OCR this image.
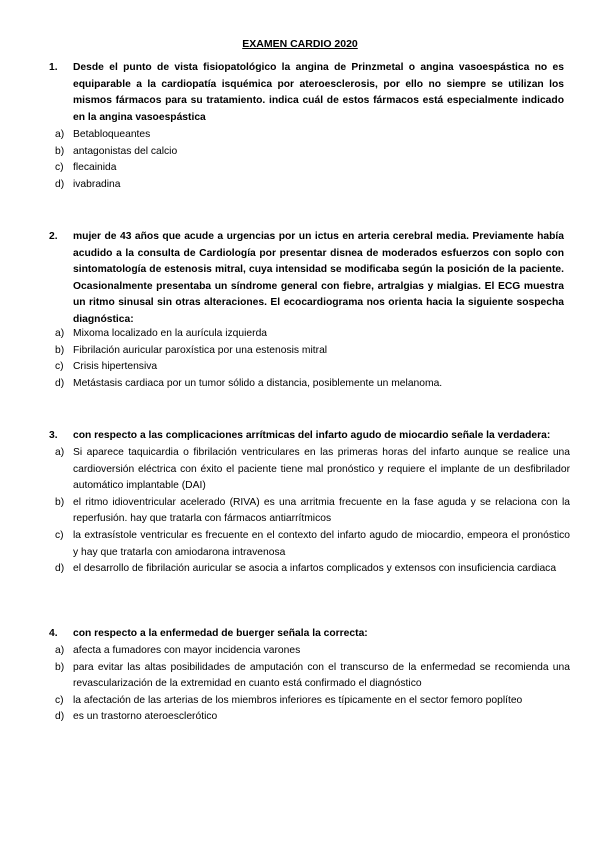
EXAMEN CARDIO 2020
1. Desde el punto de vista fisiopatológico la angina de Prinzmetal o angina vasoespástica no es equiparable a la cardiopatía isquémica por ateroesclerosis, por ello no siempre se utilizan los mismos fármacos para su tratamiento. indica cuál de estos fármacos está especialmente indicado en la angina vasoespástica
a) Betabloqueantes
b) antagonistas del calcio
c) flecainida
d) ivabradina
2. mujer de 43 años que acude a urgencias por un ictus en arteria cerebral media. Previamente había acudido a la consulta de Cardiología por presentar disnea de moderados esfuerzos con soplo con sintomatología de estenosis mitral, cuya intensidad se modificaba según la posición de la paciente. Ocasionalmente presentaba un síndrome general con fiebre, artralgias y mialgias. El ECG muestra un ritmo sinusal sin otras alteraciones. El ecocardiograma nos orienta hacia la siguiente sospecha diagnóstica:
a) Mixoma localizado en la aurícula izquierda
b) Fibrilación auricular paroxística por una estenosis mitral
c) Crisis hipertensiva
d) Metástasis cardiaca por un tumor sólido a distancia, posiblemente un melanoma.
3. con respecto a las complicaciones arrítmicas del infarto agudo de miocardio señale la verdadera:
a) Si aparece taquicardia o fibrilación ventriculares en las primeras horas del infarto aunque se realice una cardioversión eléctrica con éxito el paciente tiene mal pronóstico y requiere el implante de un desfibrilador automático implantable (DAI)
b) el ritmo idioventricular acelerado (RIVA) es una arritmia frecuente en la fase aguda y se relaciona con la reperfusión. hay que tratarla con fármacos antiarrítmicos
c) la extrasístole ventricular es frecuente en el contexto del infarto agudo de miocardio, empeora el pronóstico y hay que tratarla con amiodarona intravenosa
d) el desarrollo de fibrilación auricular se asocia a infartos complicados y extensos con insuficiencia cardiaca
4. con respecto a la enfermedad de buerger señala la correcta:
a) afecta a fumadores con mayor incidencia varones
b) para evitar las altas posibilidades de amputación con el transcurso de la enfermedad se recomienda una revascularización de la extremidad en cuanto está confirmado el diagnóstico
c) la afectación de las arterias de los miembros inferiores es típicamente en el sector femoro poplíteo
d) es un trastorno ateroesclerótico
